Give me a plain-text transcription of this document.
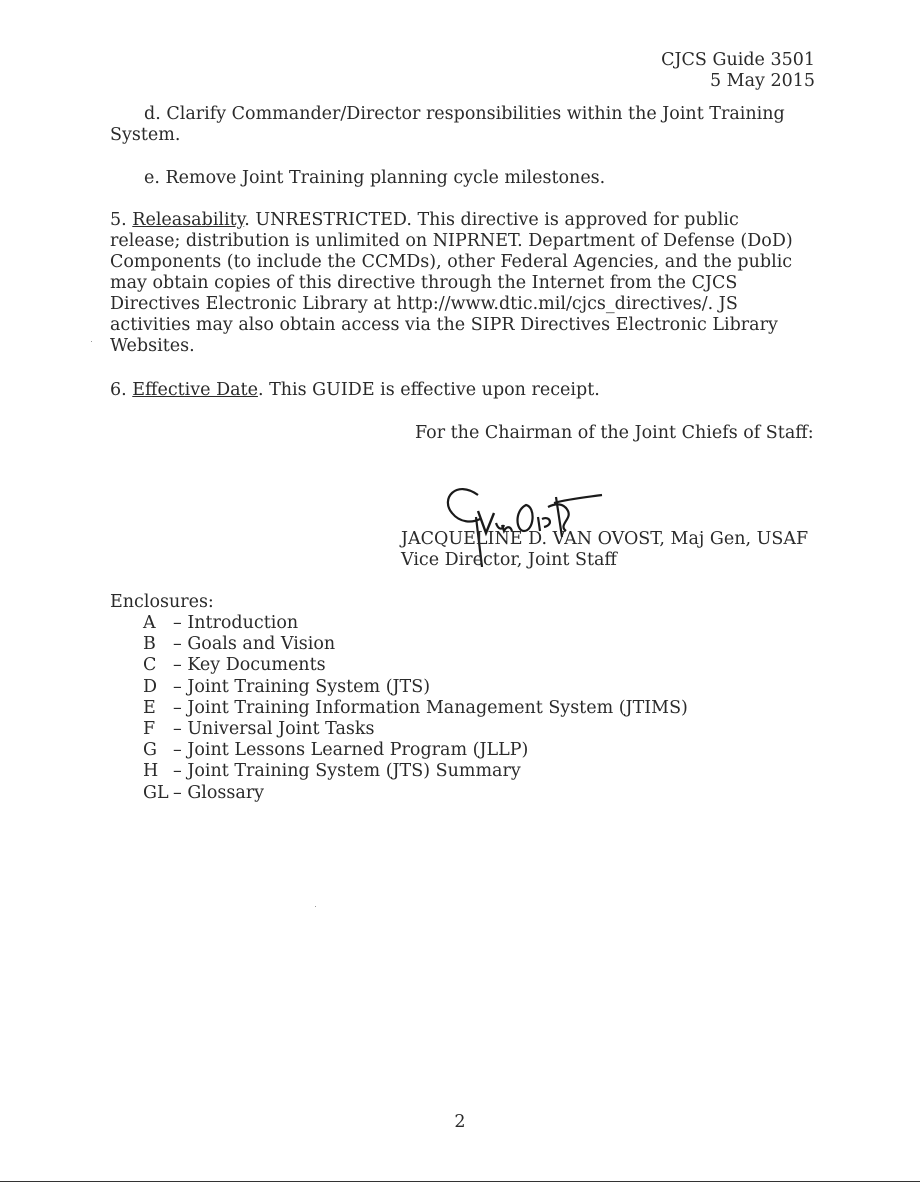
CJCS Guide 3501
5 May 2015
d. Clarify Commander/Director responsibilities within the Joint Training System.
e. Remove Joint Training planning cycle milestones.
5. Releasability. UNRESTRICTED. This directive is approved for public release; distribution is unlimited on NIPRNET. Department of Defense (DoD) Components (to include the CCMDs), other Federal Agencies, and the public may obtain copies of this directive through the Internet from the CJCS Directives Electronic Library at http://www.dtic.mil/cjcs_directives/. JS activities may also obtain access via the SIPR Directives Electronic Library Websites.
6. Effective Date. This GUIDE is effective upon receipt.
For the Chairman of the Joint Chiefs of Staff:
JACQUELINE D. VAN OVOST, Maj Gen, USAF
Vice Director, Joint Staff
Enclosures:
A – Introduction
B – Goals and Vision
C – Key Documents
D – Joint Training System (JTS)
E – Joint Training Information Management System (JTIMS)
F	– Universal Joint Tasks
G – Joint Lessons Learned Program (JLLP)
H – Joint Training System (JTS) Summary
GL – Glossary
2
